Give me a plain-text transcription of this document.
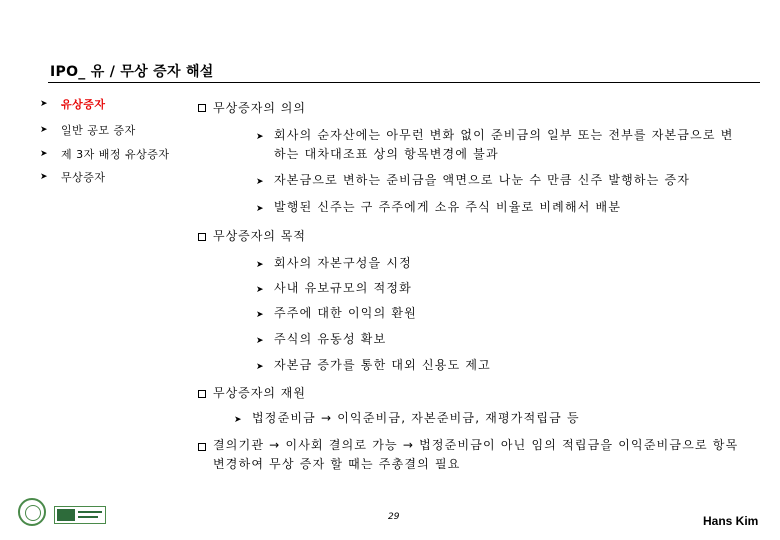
IPO_ 유 / 무상 증자 해설
➤ 유상증자
➤ 일반 공모 증자
➤ 제 3자 배정 유상증자
➤ 무상증자
무상증자의 의의
➤ 회사의 순자산에는 아무런 변화 없이 준비금의 일부 또는 전부를 자본금으로 변하는 대차대조표 상의 항목변경에 불과
➤ 자본금으로 변하는 준비금을 액면으로 나눈 수 만큼 신주 발행하는 증자
➤ 발행된 신주는 구 주주에게 소유 주식 비율로 비례해서 배분
무상증자의 목적
➤ 회사의 자본구성을 시정
➤ 사내 유보규모의 적정화
➤ 주주에 대한 이익의 환원
➤ 주식의 유동성 확보
➤ 자본금 증가를 통한 대외 신용도 제고
무상증자의 재원
➤ 법정준비금 → 이익준비금, 자본준비금, 재평가적립금 등
결의기관 → 이사회 결의로 가능 → 법정준비금이 아닌 임의 적립금을 이익준비금으로 항목 변경하여 무상 증자 할 때는 주총결의 필요
29	Hans Kim
